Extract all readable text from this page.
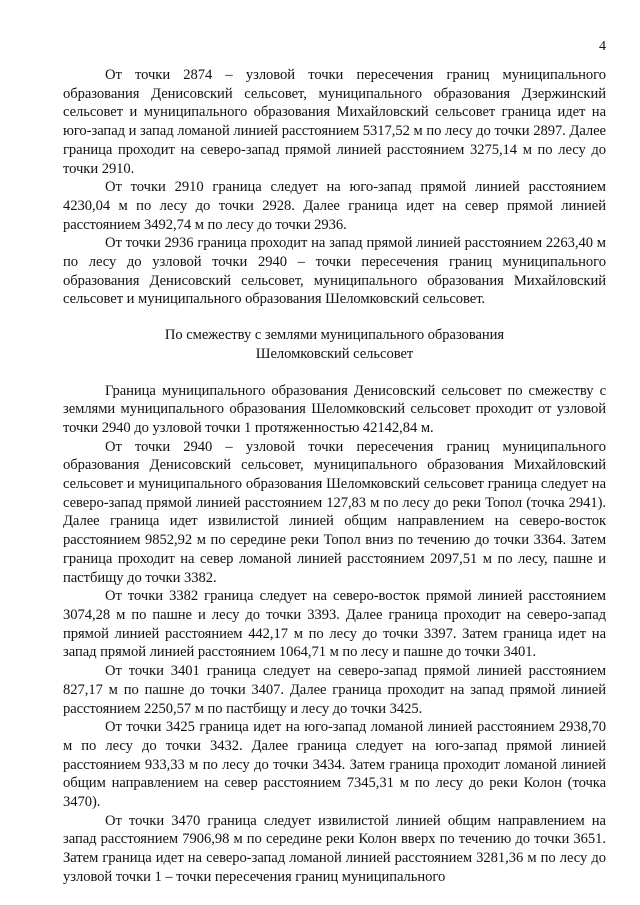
4

От точки 2874 – узловой точки пересечения границ муниципального образования Денисовский сельсовет, муниципального образования Дзержинский сельсовет и муниципального образования Михайловский сельсовет граница идет на юго-запад и запад ломаной линией расстоянием 5317,52 м по лесу до точки 2897. Далее граница проходит на северо-запад прямой линией расстоянием 3275,14 м по лесу до точки 2910.

От точки 2910 граница следует на юго-запад прямой линией расстоянием 4230,04 м по лесу до точки 2928. Далее граница идет на север прямой линией расстоянием 3492,74 м по лесу до точки 2936.

От точки 2936 граница проходит на запад прямой линией расстоянием 2263,40 м по лесу до узловой точки 2940 – точки пересечения границ муниципального образования Денисовский сельсовет, муниципального образования Михайловский сельсовет и муниципального образования Шеломковский сельсовет.

По смежеству с землями муниципального образования
Шеломковский сельсовет

Граница муниципального образования Денисовский сельсовет по смежеству с землями муниципального образования Шеломковский сельсовет проходит от узловой точки 2940 до узловой точки 1 протяженностью 42142,84 м.

От точки 2940 – узловой точки пересечения границ муниципального образования Денисовский сельсовет, муниципального образования Михайловский сельсовет и муниципального образования Шеломковский сельсовет граница следует на северо-запад прямой линией расстоянием 127,83 м по лесу до реки Топол (точка 2941). Далее граница идет извилистой линией общим направлением на северо-восток расстоянием 9852,92 м по середине реки Топол вниз по течению до точки 3364. Затем граница проходит на север ломаной линией расстоянием 2097,51 м по лесу, пашне и пастбищу до точки 3382.

От точки 3382 граница следует на северо-восток прямой линией расстоянием 3074,28 м по пашне и лесу до точки 3393. Далее граница проходит на северо-запад прямой линией расстоянием 442,17 м по лесу до точки 3397. Затем граница идет на запад прямой линией расстоянием 1064,71 м по лесу и пашне до точки 3401.

От точки 3401 граница следует на северо-запад прямой линией расстоянием 827,17 м по пашне до точки 3407. Далее граница проходит на запад прямой линией расстоянием 2250,57 м по пастбищу и лесу до точки 3425.

От точки 3425 граница идет на юго-запад ломаной линией расстоянием 2938,70 м по лесу до точки 3432. Далее граница следует на юго-запад прямой линией расстоянием 933,33 м по лесу до точки 3434. Затем граница проходит ломаной линией общим направлением на север расстоянием 7345,31 м по лесу до реки Колон (точка 3470).

От точки 3470 граница следует извилистой линией общим направлением на запад расстоянием 7906,98 м по середине реки Колон вверх по течению до точки 3651. Затем граница идет на северо-запад ломаной линией расстоянием 3281,36 м по лесу до узловой точки 1 – точки пересечения границ муниципального
